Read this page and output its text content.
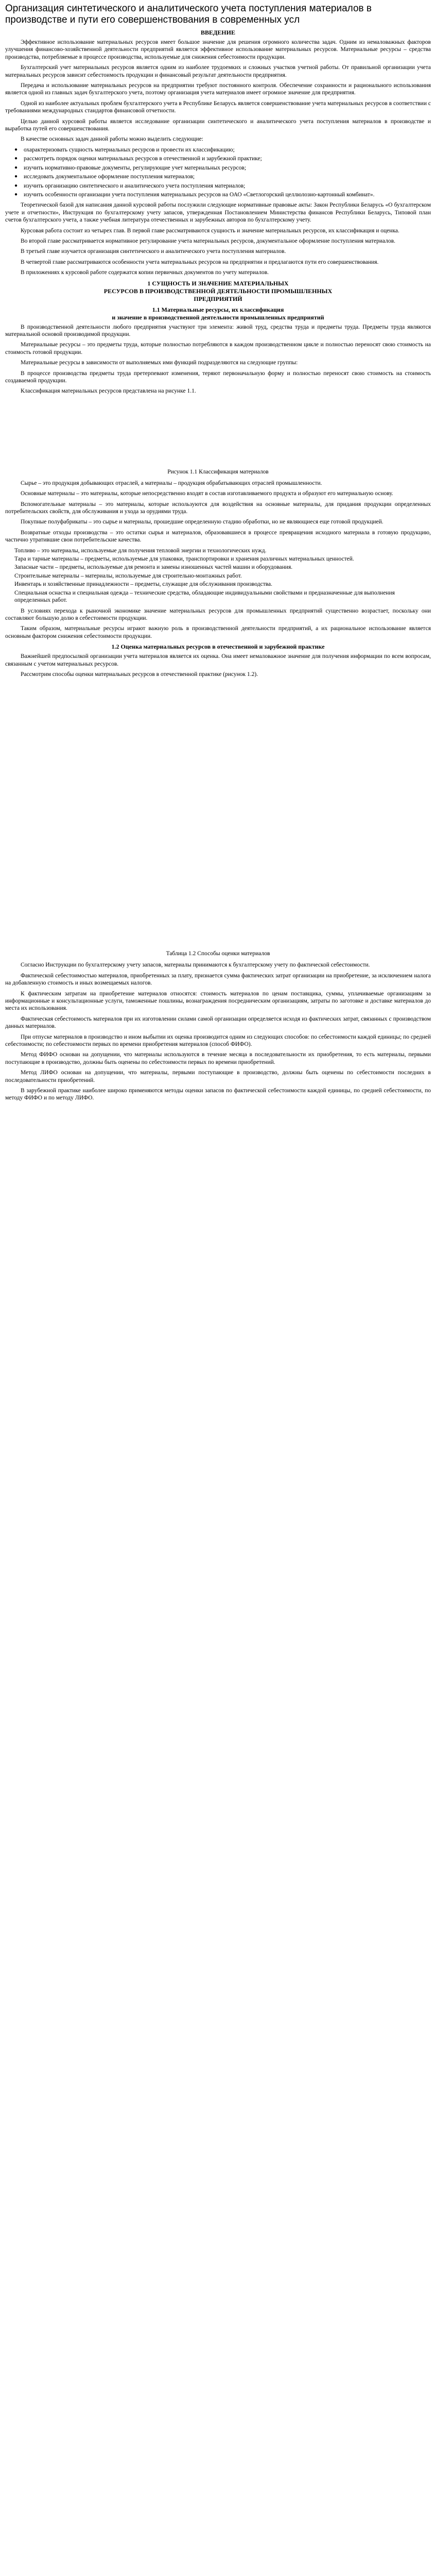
Организация синтетического и аналитического учета поступления материалов в производстве и пути его совершенствования в современных усл
ВВЕДЕНИЕ

Эффективное использование материальных ресурсов имеет большое значение для решения огромного количества задач. Одним из немаловажных факторов улучшения финансово-хозяйственной деятельности предприятий является эффективное использование материальных ресурсов. Материальные ресурсы – средства производства, потребляемые в процессе производства, используемые для снижения себестоимости продукции.

Бухгалтерский учет материальных ресурсов является одним из наиболее трудоемких и сложных участков учетной работы. От правильной организации учета материальных ресурсов зависит себестоимость продукции и финансовый результат деятельности предприятия.

Передача и использование материальных ресурсов на предприятии требуют постоянного контроля. Обеспечение сохранности и рационального использования является одной из главных задач бухгалтерского учета, поэтому организация учета материалов имеет огромное значение для предприятия.

Одной из наиболее актуальных проблем бухгалтерского учета в Республике Беларусь является совершенствование учета материальных ресурсов в соответствии с требованиями международных стандартов финансовой отчетности.

Целью данной курсовой работы является исследование организации синтетического и аналитического учета поступления материалов в производстве и выработка путей его совершенствования.

В качестве основных задач данной работы можно выделить следующие:

● охарактеризовать сущность материальных ресурсов и провести их классификацию;
● рассмотреть порядок оценки материальных ресурсов в отечественной и зарубежной практике;
● изучить нормативно-правовые документы, регулирующие учет материальных ресурсов;
● исследовать документальное оформление поступления материалов;
● изучить организацию синтетического и аналитического учета поступления материалов;
● изучить особенности организации учета поступления материальных ресурсов на ОАО «Светлогорский целлюлозно-картонный комбинат».

Теоретической базой для написания данной курсовой работы послужили следующие нормативные правовые акты: Закон Республики Беларусь «О бухгалтерском учете и отчетности», Инструкция по бухгалтерскому учету запасов, утвержденная Постановлением Министерства финансов Республики Беларусь, Типовой план счетов бухгалтерского учета, а также учебная литература отечественных и зарубежных авторов по бухгалтерскому учету.

Курсовая работа состоит из четырех глав. В первой главе рассматриваются сущность и значение материальных ресурсов, их классификация и оценка.

Во второй главе рассматривается нормативное регулирование учета материальных ресурсов, документальное оформление поступления материалов.

В третьей главе изучается организация синтетического и аналитического учета поступления материалов.

В четвертой главе рассматриваются особенности учета материальных ресурсов на предприятии и предлагаются пути его совершенствования.

В приложениях к курсовой работе содержатся копии первичных документов по учету материалов.

1 СУЩНОСТЬ И ЗНАЧЕНИЕ МАТЕРИАЛЬНЫХ
РЕСУРСОВ В ПРОИЗВОДСТВЕННОЙ ДЕЯТЕЛЬНОСТИ ПРОМЫШЛЕННЫХ
ПРЕДПРИЯТИЙ
1.1 Материальные ресурсы, их классификация
и значение в производственной деятельности промышленных предприятий

В производственной деятельности любого предприятия участвуют три элемента: живой труд, средства труда и предметы труда. Предметы труда являются материальной основой производимой продукции.

Материальные ресурсы – это предметы труда, которые полностью потребляются в каждом производственном цикле и полностью переносят свою стоимость на стоимость готовой продукции.

Материальные ресурсы в зависимости от выполняемых ими функций подразделяются на следующие группы:

В процессе производства предметы труда претерпевают изменения, теряют первоначальную форму и полностью переносят свою стоимость на стоимость создаваемой продукции.

Классификация материальных ресурсов представлена на рисунке 1.1.

Рисунок 1.1 Классификация материалов

Сырье – это продукция добывающих отраслей, а материалы – продукция обрабатывающих отраслей промышленности.

Основные материалы – это материалы, которые непосредственно входят в состав изготавливаемого продукта и образуют его материальную основу.

Вспомогательные материалы – это материалы, которые используются для воздействия на основные материалы, для придания продукции определенных потребительских свойств, для обслуживания и ухода за орудиями труда.

Покупные полуфабрикаты – это сырье и материалы, прошедшие определенную стадию обработки, но не являющиеся еще готовой продукцией.

Возвратные отходы производства – это остатки сырья и материалов, образовавшиеся в процессе превращения исходного материала в готовую продукцию, частично утратившие свои потребительские качества.

Топливо – это материалы, используемые для получения тепловой энергии и технологических нужд.
Тара и тарные материалы – предметы, используемые для упаковки, транспортировки и хранения различных материальных ценностей.
Запасные части – предметы, используемые для ремонта и замены изношенных частей машин и оборудования.
Строительные материалы – материалы, используемые для строительно-монтажных работ.
Инвентарь и хозяйственные принадлежности – предметы, служащие для обслуживания производства.
Специальная оснастка и специальная одежда – технические средства, обладающие индивидуальными свойствами и предназначенные для выполнения определенных работ.

В условиях перехода к рыночной экономике значение материальных ресурсов для промышленных предприятий существенно возрастает, поскольку они составляют большую долю в себестоимости продукции.

Таким образом, материальные ресурсы играют важную роль в производственной деятельности предприятий, а их рациональное использование является основным фактором снижения себестоимости продукции.

1.2 Оценка материальных ресурсов в отечественной и зарубежной практике

Важнейшей предпосылкой организации учета материалов является их оценка. Она имеет немаловажное значение для получения информации по всем вопросам, связанным с учетом материальных ресурсов.

Рассмотрим способы оценки материальных ресурсов в отечественной практике (рисунок 1.2).

Таблица 1.2 Способы оценки материалов

Согласно Инструкции по бухгалтерскому учету запасов, материалы принимаются к бухгалтерскому учету по фактической себестоимости.

Фактической себестоимостью материалов, приобретенных за плату, признается сумма фактических затрат организации на приобретение, за исключением налога на добавленную стоимость и иных возмещаемых налогов.

К фактическим затратам на приобретение материалов относятся: стоимость материалов по ценам поставщика, суммы, уплачиваемые организациям за информационные и консультационные услуги, таможенные пошлины, вознаграждения посредническим организациям, затраты по заготовке и доставке материалов до места их использования.

Фактическая себестоимость материалов при их изготовлении силами самой организации определяется исходя из фактических затрат, связанных с производством данных материалов.

При отпуске материалов в производство и ином выбытии их оценка производится одним из следующих способов: по себестоимости каждой единицы; по средней себестоимости; по себестоимости первых по времени приобретения материалов (способ ФИФО).

Метод ФИФО основан на допущении, что материалы используются в течение месяца в последовательности их приобретения, то есть материалы, первыми поступающие в производство, должны быть оценены по себестоимости первых по времени приобретений.

Метод ЛИФО основан на допущении, что материалы, первыми поступающие в производство, должны быть оценены по себестоимости последних в последовательности приобретений.

В зарубежной практике наиболее широко применяются методы оценки запасов по фактической себестоимости каждой единицы, по средней себестоимости, по методу ФИФО и по методу ЛИФО.
